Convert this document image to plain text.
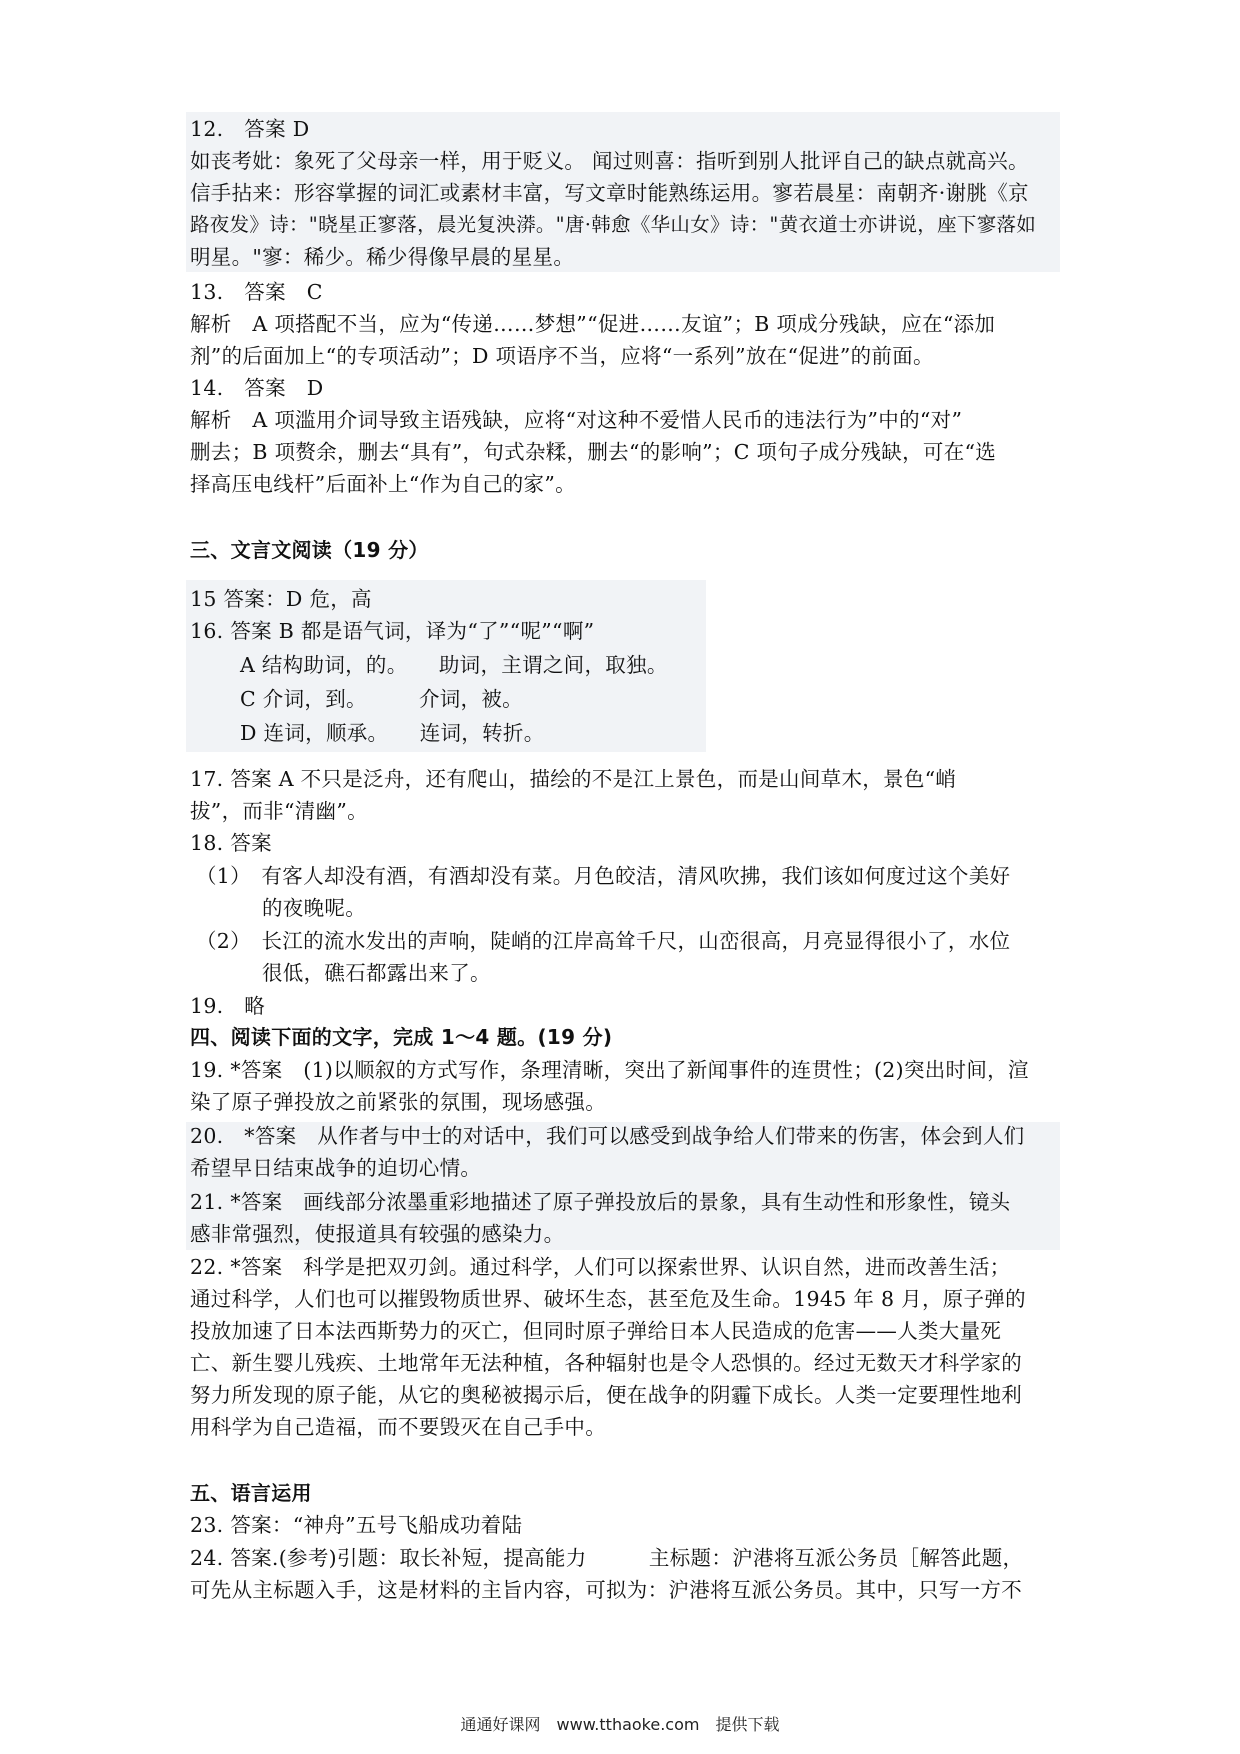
12.　答案 D
如丧考妣：象死了父母亲一样，用于贬义。 闻过则喜：指听到别人批评自己的缺点就高兴。
信手拈来：形容掌握的词汇或素材丰富，写文章时能熟练运用。寥若晨星：南朝齐·谢朓《京
路夜发》诗："晓星正寥落，晨光复泱漭。"唐·韩愈《华山女》诗："黄衣道士亦讲说，座下寥落如
明星。"寥：稀少。稀少得像早晨的星星。
13.　答案　C
解析　A 项搭配不当，应为“传递……梦想”“促进……友谊”；B 项成分残缺，应在“添加
剂”的后面加上“的专项活动”；D 项语序不当，应将“一系列”放在“促进”的前面。
14.　答案　D
解析　A 项滥用介词导致主语残缺，应将“对这种不爱惜人民币的违法行为”中的“对”
删去；B 项赘余，删去“具有”，句式杂糅，删去“的影响”；C 项句子成分残缺，可在“选
择高压电线杆”后面补上“作为自己的家”。
三、文言文阅读（19 分）
15 答案：D 危，高
16. 答案 B 都是语气词，译为“了”“呢”“啊”
A 结构助词，的。　　助词，主谓之间，取独。
C 介词，到。　　　介词，被。
D 连词，顺承。　　连词，转折。
17. 答案 A 不只是泛舟，还有爬山，描绘的不是江上景色，而是山间草木，景色“峭
拔”，而非“清幽”。
18. 答案
（1）　有客人却没有酒，有酒却没有菜。月色皎洁，清风吹拂，我们该如何度过这个美好
的夜晚呢。
（2）　长江的流水发出的声响，陡峭的江岸高耸千尺，山峦很高，月亮显得很小了，水位
很低，礁石都露出来了。
19.　略
四、阅读下面的文字，完成 1～4 题。(19 分)
19. *答案　(1)以顺叙的方式写作，条理清晰，突出了新闻事件的连贯性；(2)突出时间，渲
染了原子弹投放之前紧张的氛围，现场感强。
20.　*答案　从作者与中士的对话中，我们可以感受到战争给人们带来的伤害，体会到人们
希望早日结束战争的迫切心情。
21. *答案　画线部分浓墨重彩地描述了原子弹投放后的景象，具有生动性和形象性，镜头
感非常强烈，使报道具有较强的感染力。
22. *答案　科学是把双刃剑。通过科学，人们可以探索世界、认识自然，进而改善生活；
通过科学，人们也可以摧毁物质世界、破坏生态，甚至危及生命。1945 年 8 月，原子弹的
投放加速了日本法西斯势力的灭亡，但同时原子弹给日本人民造成的危害——人类大量死
亡、新生婴儿残疾、土地常年无法种植，各种辐射也是令人恐惧的。经过无数天才科学家的
努力所发现的原子能，从它的奥秘被揭示后，便在战争的阴霾下成长。人类一定要理性地利
用科学为自己造福，而不要毁灭在自己手中。
五、语言运用
23. 答案：“神舟”五号飞船成功着陆
24. 答案.(参考)引题：取长补短，提高能力　　　主标题：沪港将互派公务员［解答此题，
可先从主标题入手，这是材料的主旨内容，可拟为：沪港将互派公务员。其中，只写一方不
通通好课网　www.tthaoke.com　提供下载
